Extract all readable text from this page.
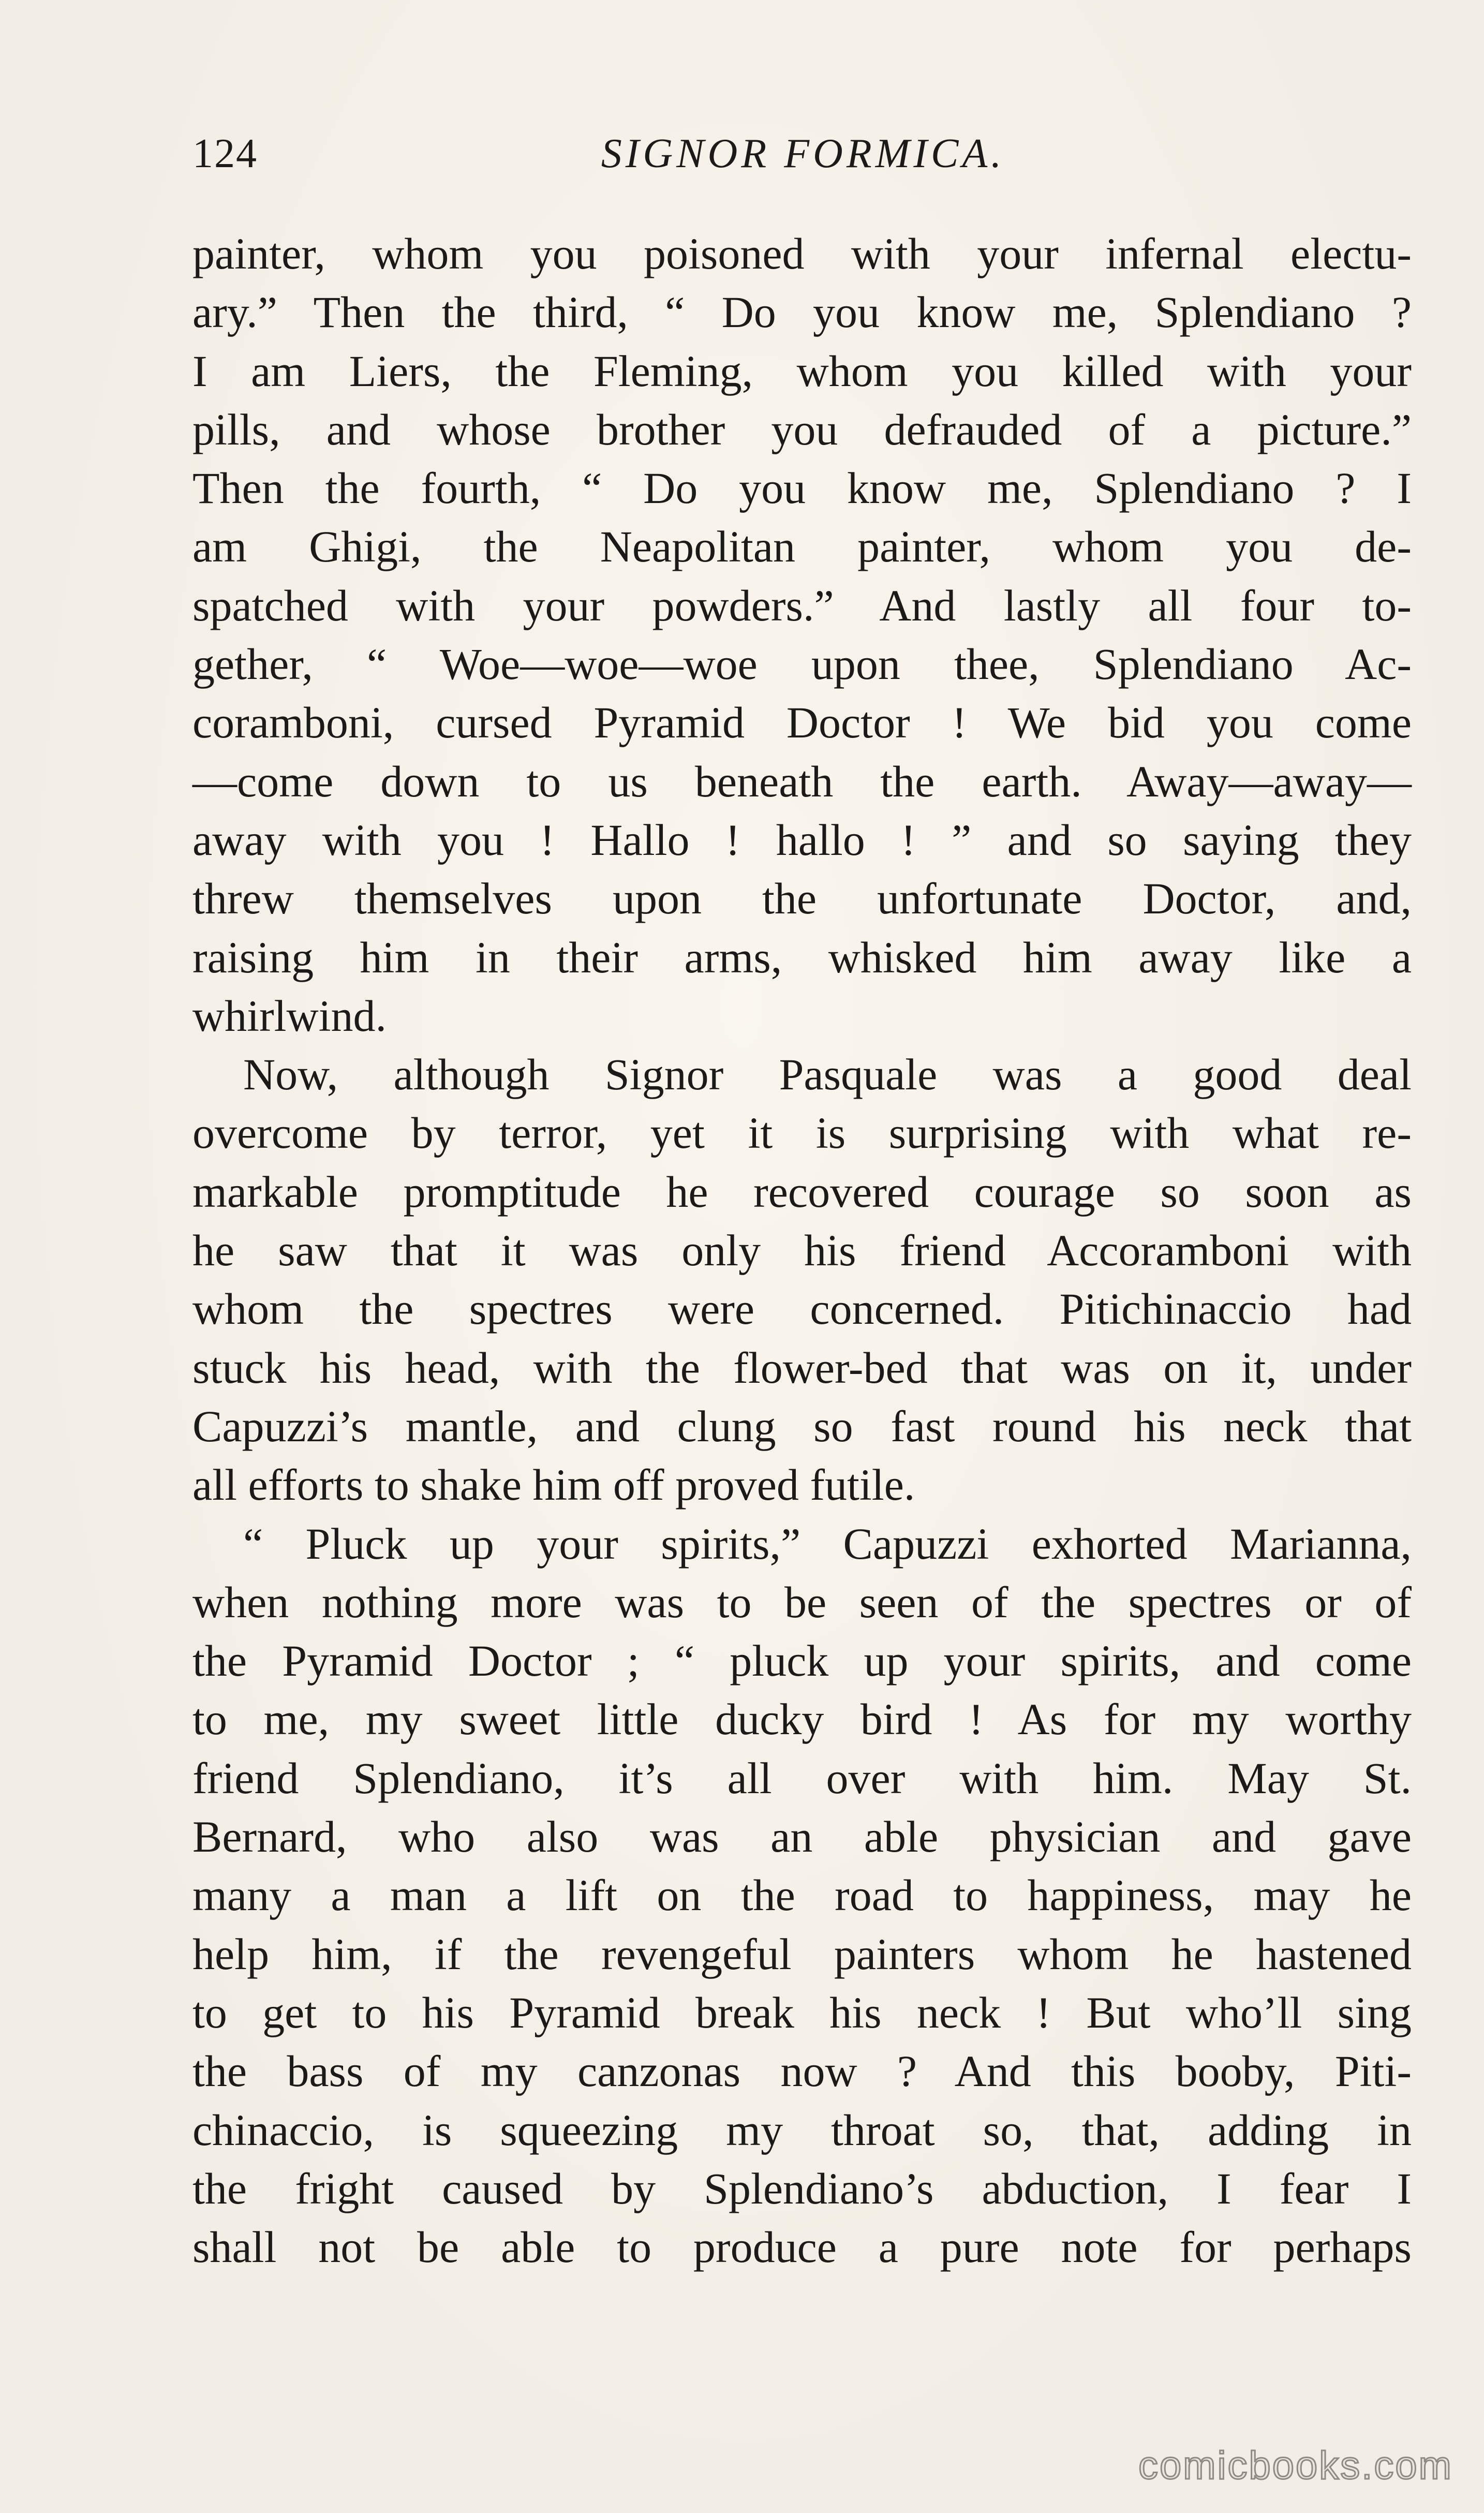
124	SIGNOR FORMICA.
painter, whom you poisoned with your infernal electu-
ary.” Then the third, “ Do you know me, Splendiano ?
I am Liers, the Fleming, whom you killed with your
pills, and whose brother you defrauded of a picture.”
Then the fourth, “ Do you know me, Splendiano ? I
am Ghigi, the Neapolitan painter, whom you de-
spatched with your powders.” And lastly all four to-
gether, “ Woe—woe—woe upon thee, Splendiano Ac-
coramboni, cursed Pyramid Doctor ! We bid you come
—come down to us beneath the earth. Away—away—
away with you ! Hallo ! hallo ! ” and so saying they
threw themselves upon the unfortunate Doctor, and,
raising him in their arms, whisked him away like a
whirlwind.
Now, although Signor Pasquale was a good deal
overcome by terror, yet it is surprising with what re-
markable promptitude he recovered courage so soon as
he saw that it was only his friend Accoramboni with
whom the spectres were concerned. Pitichinaccio had
stuck his head, with the flower-bed that was on it, under
Capuzzi’s mantle, and clung so fast round his neck that
all efforts to shake him off proved futile.
“ Pluck up your spirits,” Capuzzi exhorted Marianna,
when nothing more was to be seen of the spectres or of
the Pyramid Doctor ; “ pluck up your spirits, and come
to me, my sweet little ducky bird ! As for my worthy
friend Splendiano, it’s all over with him. May St.
Bernard, who also was an able physician and gave
many a man a lift on the road to happiness, may he
help him, if the revengeful painters whom he hastened
to get to his Pyramid break his neck ! But who’ll sing
the bass of my canzonas now ? And this booby, Piti-
chinaccio, is squeezing my throat so, that, adding in
the fright caused by Splendiano’s abduction, I fear I
shall not be able to produce a pure note for perhaps
comicbooks.com
